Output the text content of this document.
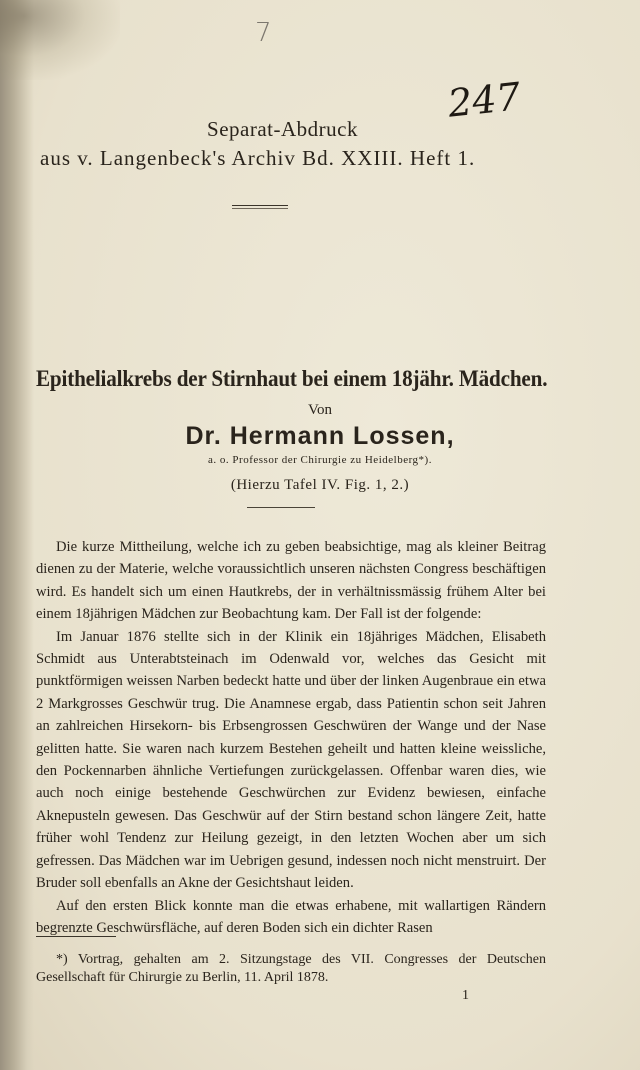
7
247
Separat-Abdruck
aus v. Langenbeck's Archiv Bd. XXIII. Heft 1.
Epithelialkrebs der Stirnhaut bei einem 18jähr. Mädchen.
Von
Dr. Hermann Lossen,
a. o. Professor der Chirurgie zu Heidelberg*).
(Hierzu Tafel IV. Fig. 1, 2.)

Die kurze Mittheilung, welche ich zu geben beabsichtige, mag als kleiner Beitrag dienen zu der Materie, welche voraussichtlich unseren nächsten Congress beschäftigen wird. Es handelt sich um einen Hautkrebs, der in verhältnissmässig frühem Alter bei einem 18jährigen Mädchen zur Beobachtung kam. Der Fall ist der folgende:

Im Januar 1876 stellte sich in der Klinik ein 18jähriges Mädchen, Elisabeth Schmidt aus Unterabtsteinach im Odenwald vor, welches das Gesicht mit punktförmigen weissen Narben bedeckt hatte und über der linken Augenbraue ein etwa 2 Markgrosses Geschwür trug. Die Anamnese ergab, dass Patientin schon seit Jahren an zahlreichen Hirsekorn- bis Erbsengrossen Geschwüren der Wange und der Nase gelitten hatte. Sie waren nach kurzem Bestehen geheilt und hatten kleine weissliche, den Pockennarben ähnliche Vertiefungen zurückgelassen. Offenbar waren dies, wie auch noch einige bestehende Geschwürchen zur Evidenz bewiesen, einfache Aknepusteln gewesen. Das Geschwür auf der Stirn bestand schon längere Zeit, hatte früher wohl Tendenz zur Heilung gezeigt, in den letzten Wochen aber um sich gefressen. Das Mädchen war im Uebrigen gesund, indessen noch nicht menstruirt. Der Bruder soll ebenfalls an Akne der Gesichtshaut leiden.

Auf den ersten Blick konnte man die etwas erhabene, mit wallartigen Rändern begrenzte Geschwürsfläche, auf deren Boden sich ein dichter Rasen

*) Vortrag, gehalten am 2. Sitzungstage des VII. Congresses der Deutschen Gesellschaft für Chirurgie zu Berlin, 11. April 1878.

1
